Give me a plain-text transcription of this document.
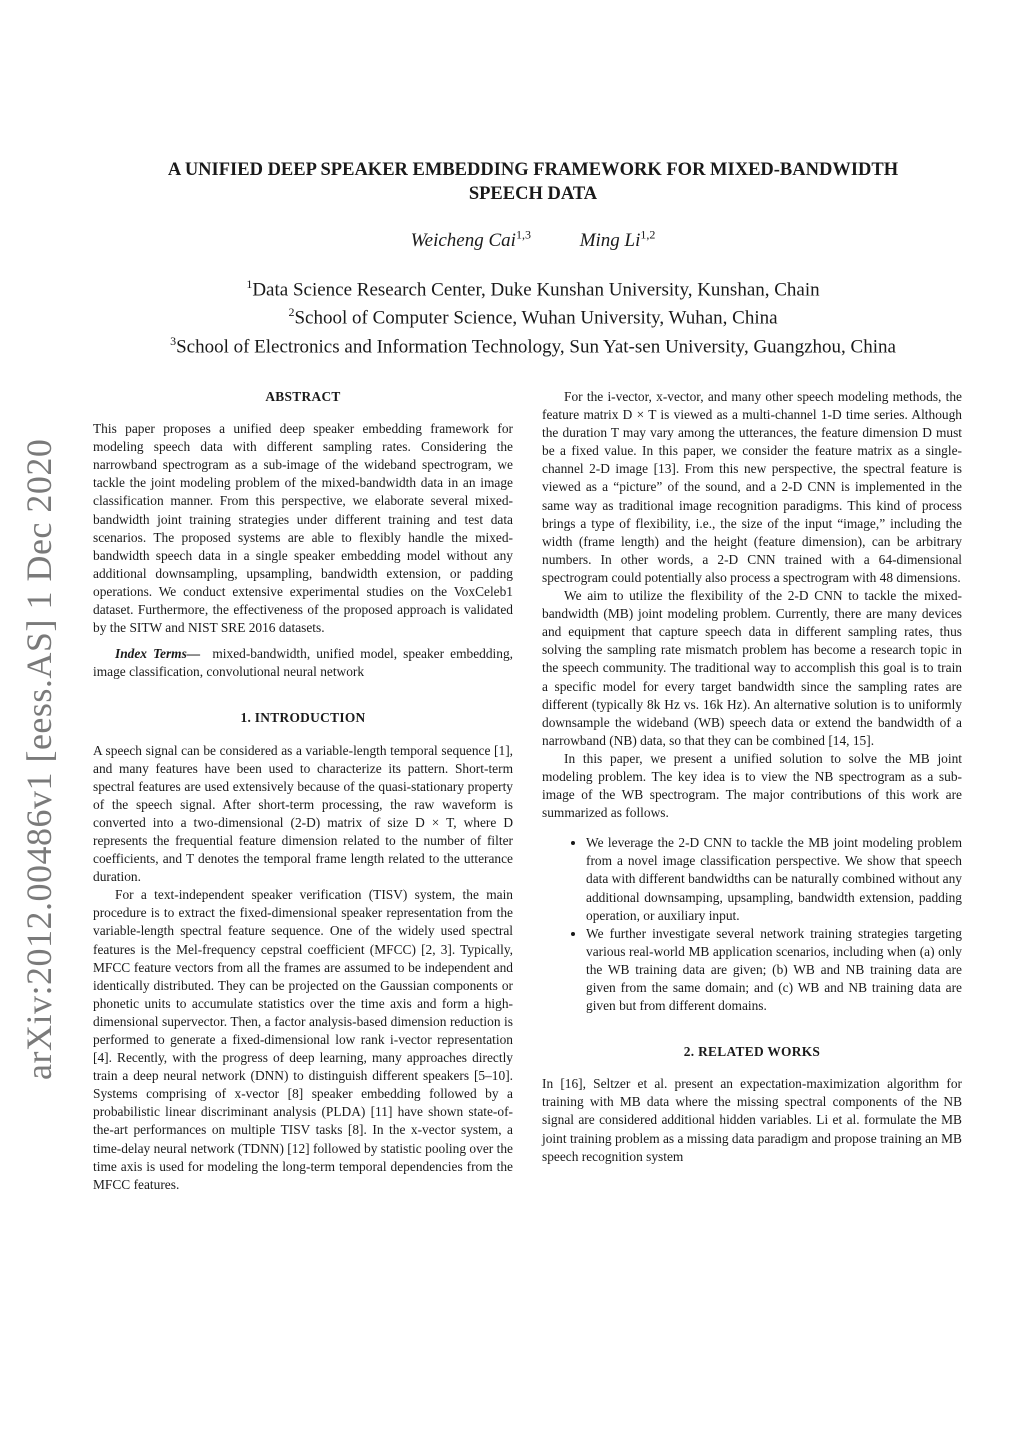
arXiv:2012.00486v1 [eess.AS] 1 Dec 2020
A UNIFIED DEEP SPEAKER EMBEDDING FRAMEWORK FOR MIXED-BANDWIDTH
SPEECH DATA
Weicheng Cai$^{1,3}$	Ming Li$^{1,2}$
$^1$Data Science Research Center, Duke Kunshan University, Kunshan, Chain
$^2$School of Computer Science, Wuhan University, Wuhan, China
$^3$School of Electronics and Information Technology, Sun Yat-sen University, Guangzhou, China
ABSTRACT

This paper proposes a unified deep speaker embedding framework for modeling speech data with different sampling rates. Considering the narrowband spectrogram as a sub-image of the wideband spectrogram, we tackle the joint modeling problem of the mixed-bandwidth data in an image classification manner. From this perspective, we elaborate several mixed-bandwidth joint training strategies under different training and test data scenarios. The proposed systems are able to flexibly handle the mixed-bandwidth speech data in a single speaker embedding model without any additional downsampling, upsampling, bandwidth extension, or padding operations. We conduct extensive experimental studies on the VoxCeleb1 dataset. Furthermore, the effectiveness of the proposed approach is validated by the SITW and NIST SRE 2016 datasets.

Index Terms— mixed-bandwidth, unified model, speaker embedding, image classification, convolutional neural network

1. INTRODUCTION

A speech signal can be considered as a variable-length temporal sequence [1], and many features have been used to characterize its pattern. Short-term spectral features are used extensively because of the quasi-stationary property of the speech signal. After short-term processing, the raw waveform is converted into a two-dimensional (2-D) matrix of size D × T, where D represents the frequential feature dimension related to the number of filter coefficients, and T denotes the temporal frame length related to the utterance duration.

For a text-independent speaker verification (TISV) system, the main procedure is to extract the fixed-dimensional speaker representation from the variable-length spectral feature sequence. One of the widely used spectral features is the Mel-frequency cepstral coefficient (MFCC) [2, 3]. Typically, MFCC feature vectors from all the frames are assumed to be independent and identically distributed. They can be projected on the Gaussian components or phonetic units to accumulate statistics over the time axis and form a high-dimensional supervector. Then, a factor analysis-based dimension reduction is performed to generate a fixed-dimensional low rank i-vector representation [4]. Recently, with the progress of deep learning, many approaches directly train a deep neural network (DNN) to distinguish different speakers [5–10]. Systems comprising of x-vector [8] speaker embedding followed by a probabilistic linear discriminant analysis (PLDA) [11] have shown state-of-the-art performances on multiple TISV tasks [8]. In the x-vector system, a time-delay neural network (TDNN) [12] followed by statistic pooling over the time axis is used for modeling the long-term temporal dependencies from the MFCC features.

For the i-vector, x-vector, and many other speech modeling methods, the feature matrix D × T is viewed as a multi-channel 1-D time series. Although the duration T may vary among the utterances, the feature dimension D must be a fixed value. In this paper, we consider the feature matrix as a single-channel 2-D image [13]. From this new perspective, the spectral feature is viewed as a “picture” of the sound, and a 2-D CNN is implemented in the same way as traditional image recognition paradigms. This kind of process brings a type of flexibility, i.e., the size of the input “image,” including the width (frame length) and the height (feature dimension), can be arbitrary numbers. In other words, a 2-D CNN trained with a 64-dimensional spectrogram could potentially also process a spectrogram with 48 dimensions.

We aim to utilize the flexibility of the 2-D CNN to tackle the mixed-bandwidth (MB) joint modeling problem. Currently, there are many devices and equipment that capture speech data in different sampling rates, thus solving the sampling rate mismatch problem has become a research topic in the speech community. The traditional way to accomplish this goal is to train a specific model for every target bandwidth since the sampling rates are different (typically 8k Hz vs. 16k Hz). An alternative solution is to uniformly downsample the wideband (WB) speech data or extend the bandwidth of a narrowband (NB) data, so that they can be combined [14, 15].

In this paper, we present a unified solution to solve the MB joint modeling problem. The key idea is to view the NB spectrogram as a sub-image of the WB spectrogram. The major contributions of this work are summarized as follows.

• We leverage the 2-D CNN to tackle the MB joint modeling problem from a novel image classification perspective. We show that speech data with different bandwidths can be naturally combined without any additional downsamping, upsampling, bandwidth extension, padding operation, or auxiliary input.
• We further investigate several network training strategies targeting various real-world MB application scenarios, including when (a) only the WB training data are given; (b) WB and NB training data are given from the same domain; and (c) WB and NB training data are given but from different domains.
2. RELATED WORKS

In [16], Seltzer et al. present an expectation-maximization algorithm for training with MB data where the missing spectral components of the NB signal are considered additional hidden variables. Li et al. formulate the MB joint training problem as a missing data paradigm and propose training an MB speech recognition system
